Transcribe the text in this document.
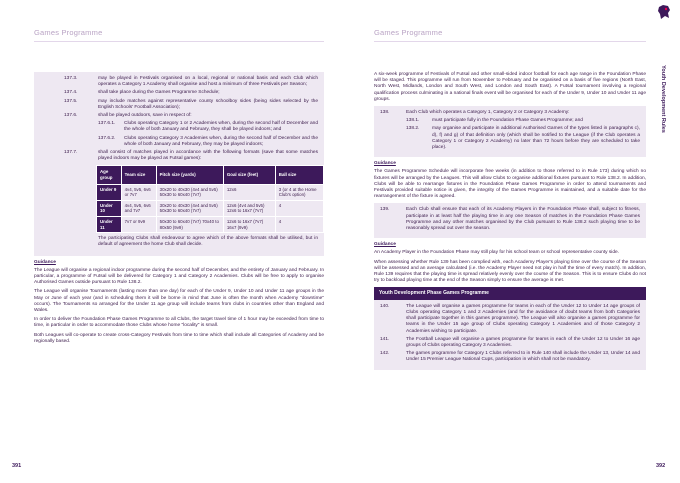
Games Programme	Games Programme
Youth Development Rules
137.3.	may be played in Festivals organised on a local, regional or national basis and each Club which operates a Category 1 Academy shall organise and host a minimum of three Festivals per Season;
137.4.	shall take place during the Games Programme Schedule;
137.5.	may include matches against representative county schoolboy sides (being sides selected by the English Schools' Football Association);
137.6.	shall be played outdoors, save in respect of:
137.6.1.	Clubs operating Category 1 or 2 Academies when, during the second half of December and the whole of both January and February, they shall be played indoors; and
137.6.2.	Clubs operating Category 3 Academies when, during the second half of December and the whole of both January and February, they may be played indoors;
137.7.	shall consist of matches played in accordance with the following formats (save that some matches played indoors may be played as Futsal games):
Age group	Team size	Pitch size (yards)	Goal size (feet)	Ball size
Under 9	4v4, 5v5, 6v6 or 7v7	30x20 to 40x30 (4v4 and 5v5) 50x30 to 60x40 (7v7)	12x6	3 (or 4 at the Home Club's option)
Under 10	4v4, 5v5, 6v6 and 7v7	30x20 to 40x30 (4v4 and 5v5) 50x30 to 60x40 (7v7)	12x6 (4v4 and 5v5) 12x6 to 16x7 (7v7)	4
Under 11	7v7 or 9v9	50x30 to 60x40 (7v7) 70x40 to 80x50 (9v9)	12x6 to 16x7 (7v7) 16x7 (9v9)	4
The participating Clubs shall endeavour to agree which of the above formats shall be utilised, but in default of agreement the home Club shall decide.
Guidance
The League will organise a regional indoor programme during the second half of December, and the entirety of January and February. In particular, a programme of Futsal will be delivered for Category 1 and Category 2 Academies. Clubs will be free to apply to organise Authorised Games outside pursuant to Rule 138.2.
The League will organise Tournaments (lasting more than one day) for each of the Under 9, Under 10 and Under 11 age groups in the May or June of each year (and in scheduling them it will be borne in mind that June is often the month when Academy "downtime" occurs). The Tournaments so arranged for the Under 11 age group will include teams from clubs in countries other than England and Wales.
In order to deliver the Foundation Phase Games Programme to all Clubs, the target travel time of 1 hour may be exceeded from time to time, in particular in order to accommodate those Clubs whose home "locality" is small.
Both Leagues will co-operate to create cross-Category Festivals from time to time which shall include all Categories of Academy and be regionally based.
A six-week programme of Festivals of Futsal and other small-sided indoor football for each age range in the Foundation Phase will be staged. This programme will run from November to February and be organised on a basis of five regions (North East, North West, Midlands, London and South West, and London and South East). A Futsal tournament involving a regional qualification process culminating in a national finals event will be organised for each of the Under 9, Under 10 and Under 11 age groups.
138.	Each Club which operates a Category 1, Category 2 or Category 3 Academy:
138.1.	must participate fully in the Foundation Phase Games Programme; and
138.2.	may organise and participate in additional Authorised Games of the types listed in paragraphs c), d), f) and g) of that definition only (which shall be notified to the League (if the Club operates a Category 1 or Category 2 Academy) no later than 72 hours before they are scheduled to take place).
Guidance
The Games Programme Schedule will incorporate free weeks (in addition to those referred to in Rule 173) during which no fixtures will be arranged by the Leagues. This will allow Clubs to organise additional fixtures pursuant to Rule 138.2. In addition, Clubs will be able to rearrange fixtures in the Foundation Phase Games Programme in order to attend tournaments and Festivals provided suitable notice is given, the integrity of the Games Programme is maintained, and a suitable date for the rearrangement of the fixture is agreed.
139.	Each Club shall ensure that each of its Academy Players in the Foundation Phase shall, subject to fitness, participate in at least half the playing time in any one Season of matches in the Foundation Phase Games Programme and any other matches organised by the Club pursuant to Rule 138.2 such playing time to be reasonably spread out over the season.
Guidance
An Academy Player in the Foundation Phase may still play for his school team or school representative county side.
When assessing whether Rule 139 has been complied with, each Academy Player's playing time over the course of the Season will be assessed and an average calculated (i.e. the Academy Player need not play in half the time of every match). In addition, Rule 139 requires that the playing time is spread relatively evenly over the course of the Season. This is to ensure Clubs do not try to backload playing time at the end of the Season simply to ensure the average is met.
Youth Development Phase Games Programme
140.	The League will organise a games programme for teams in each of the Under 12 to Under 14 age groups of Clubs operating Category 1 and 2 Academies (and for the avoidance of doubt teams from both Categories shall participate together in this games programme). The League will also organise a games programme for teams in the Under 15 age group of Clubs operating Category 1 Academies and of those Category 2 Academies wishing to participate.
141.	The Football League will organise a games programme for teams in each of the Under 12 to Under 16 age groups of Clubs operating Category 3 Academies.
142.	The games programme for Category 1 Clubs referred to in Rule 140 shall include the Under 13, Under 14 and Under 15 Premier League National Cups, participation in which shall not be mandatory.
391	392
